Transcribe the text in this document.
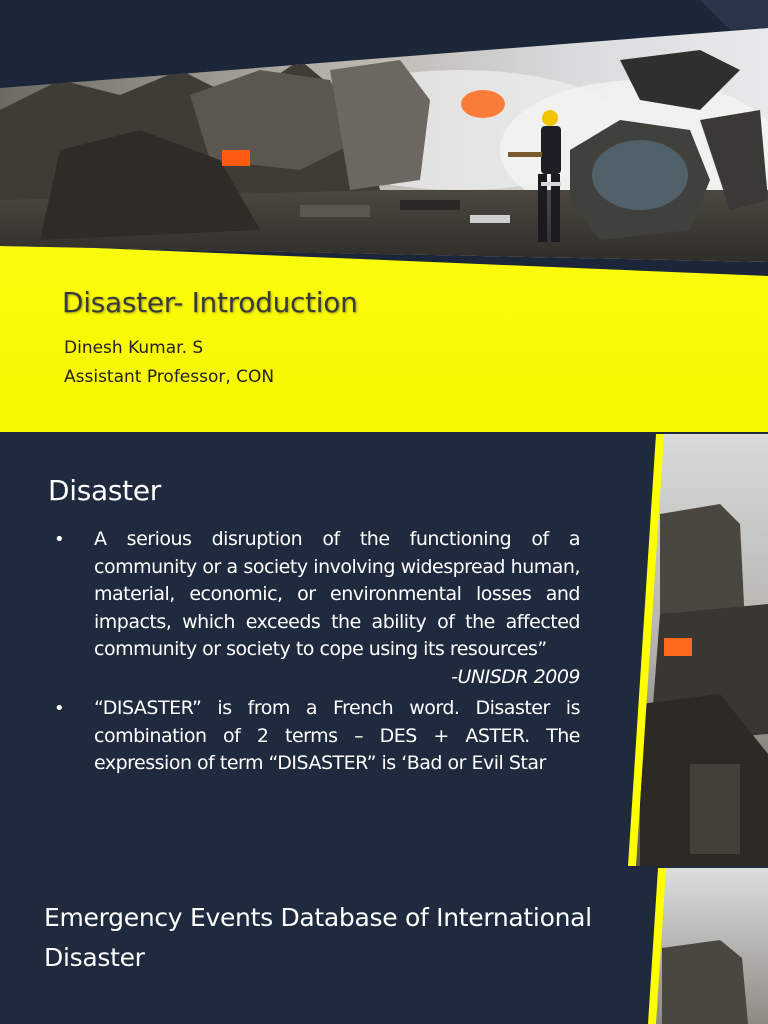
Disaster- Introduction
Dinesh Kumar. S
Assistant Professor, CON
Disaster
•	A serious disruption of the functioning of a community or a society involving widespread human, material, economic, or environmental losses and impacts, which exceeds the ability of the affected community or society to cope using its resources”
-UNISDR 2009
•	“DISASTER” is from a French word. Disaster is combination of 2 terms – DES + ASTER. The expression of term “DISASTER” is ‘Bad or Evil Star
Emergency Events Database of International Disaster
